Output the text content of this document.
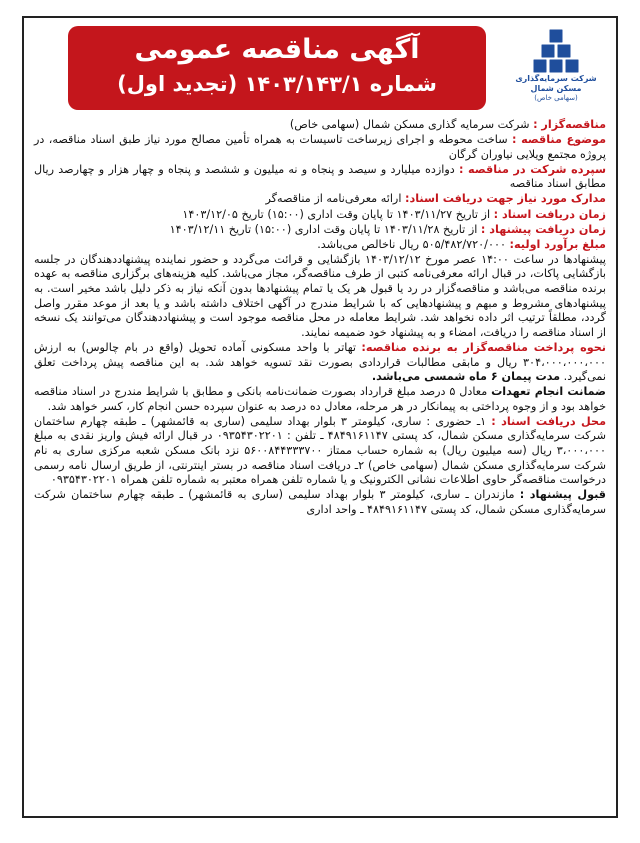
آگهی مناقصه عمومی
شماره ۱۴۰۳/۱۴۳/۱ (تجدید اول)	شرکت سرمایه‌گذاری
مسکن شمال
(سهامی خاص)

مناقصه‌گزار : شرکت سرمایه گذاری مسکن شمال (سهامی خاص)

موضوع مناقصه : ساخت محوطه و اجرای زیرساخت تاسیسات به همراه تأمین مصالح مورد نیاز طبق اسناد مناقصه، در پروژه مجتمع ویلایی نیاوران گرگان

سپرده شرکت در مناقصه : دوازده میلیارد و سیصد و پنجاه و نه میلیون و ششصد و پنجاه و چهار هزار و چهارصد ریال مطابق اسناد مناقصه

مدارک مورد نیاز جهت دریافت اسناد: ارائه معرفی‌نامه از مناقصه‌گر

زمان دریافت اسناد : از تاریخ ۱۴۰۳/۱۱/۲۷ تا پایان وقت اداری (۱۵:۰۰) تاریخ ۱۴۰۳/۱۲/۰۵

زمان دریافت پیشنهاد : از تاریخ ۱۴۰۳/۱۱/۲۸ تا پایان وقت اداری (۱۵:۰۰) تاریخ ۱۴۰۳/۱۲/۱۱

مبلغ برآورد اولیه: ۵۰۵/۴۸۲/۷۲۰/۰۰۰ ریال ناخالص می‌باشد.

پیشنهادها در ساعت ۱۴:۰۰ عصر مورخ ۱۴۰۳/۱۲/۱۲ بازگشایی و قرائت می‌گردد و حضور نماینده پیشنهاددهندگان در جلسه بازگشایی پاکات، در قبال ارائه معرفی‌نامه کتبی از طرف مناقصه‌گر، مجاز می‌باشد. کلیه هزینه‌های برگزاری مناقصه به عهده برنده مناقصه می‌باشد و مناقصه‌گزار در رد یا قبول هر یک یا تمام پیشنهادها بدون آنکه نیاز به ذکر دلیل باشد مخیر است. به پیشنهادهای مشروط و مبهم و پیشنهادهایی که با شرایط مندرج در آگهی اختلاف داشته باشد و یا بعد از موعد مقرر واصل گردد، مطلقاً ترتیب اثر داده نخواهد شد. شرایط معامله در محل مناقصه موجود است و پیشنهاددهندگان می‌توانند یک نسخه از اسناد مناقصه را دریافت، امضاء و به پیشنهاد خود ضمیمه نمایند.

نحوه پرداخت مناقصه‌گزار به برنده مناقصه: تهاتر با واحد مسکونی آماده تحویل (واقع در بام چالوس) به ارزش ۳۰۴،۰۰۰،۰۰۰،۰۰۰ ریال و مابقی مطالبات قراردادی بصورت نقد تسویه خواهد شد. به این مناقصه پیش پرداخت تعلق نمی‌گیرد. مدت پیمان ۶ ماه شمسی می‌باشد.

ضمانت انجام تعهدات معادل ۵ درصد مبلغ قرارداد بصورت ضمانت‌نامه بانکی و مطابق با شرایط مندرج در اسناد مناقصه خواهد بود و از وجوه پرداختی به پیمانکار در هر مرحله، معادل ده درصد به عنوان سپرده حسن انجام کار، کسر خواهد شد.

محل دریافت اسناد : ۱ـ حضوری : ساری، کیلومتر ۳ بلوار بهداد سلیمی (ساری به قائمشهر) ـ طبقه چهارم ساختمان شرکت سرمایه‌گذاری مسکن شمال، کد پستی ۴۸۴۹۱۶۱۱۴۷ ـ تلفن : ۰۹۳۵۴۳۰۲۲۰۱ در قبال ارائه فیش واریز نقدی به مبلغ ۳،۰۰۰،۰۰۰ ریال (سه میلیون ریال) به شماره حساب ممتاز ۵۶۰۰۸۴۴۳۳۳۷۰۰ نزد بانک مسکن شعبه مرکزی ساری به نام شرکت سرمایه‌گذاری مسکن شمال (سهامی خاص) ۲ـ دریافت اسناد مناقصه در بستر اینترنتی، از طریق ارسال نامه رسمی درخواست مناقصه‌گر حاوی اطلاعات نشانی الکترونیک و یا شماره تلفن همراه معتبر به شماره تلفن همراه ۰۹۳۵۴۳۰۲۲۰۱

قبول پیشنهاد : مازندران ـ ساری، کیلومتر ۳ بلوار بهداد سلیمی (ساری به قائمشهر) ـ طبقه چهارم ساختمان شرکت سرمایه‌گذاری مسکن شمال، کد پستی ۴۸۴۹۱۶۱۱۴۷ ـ واحد اداری
